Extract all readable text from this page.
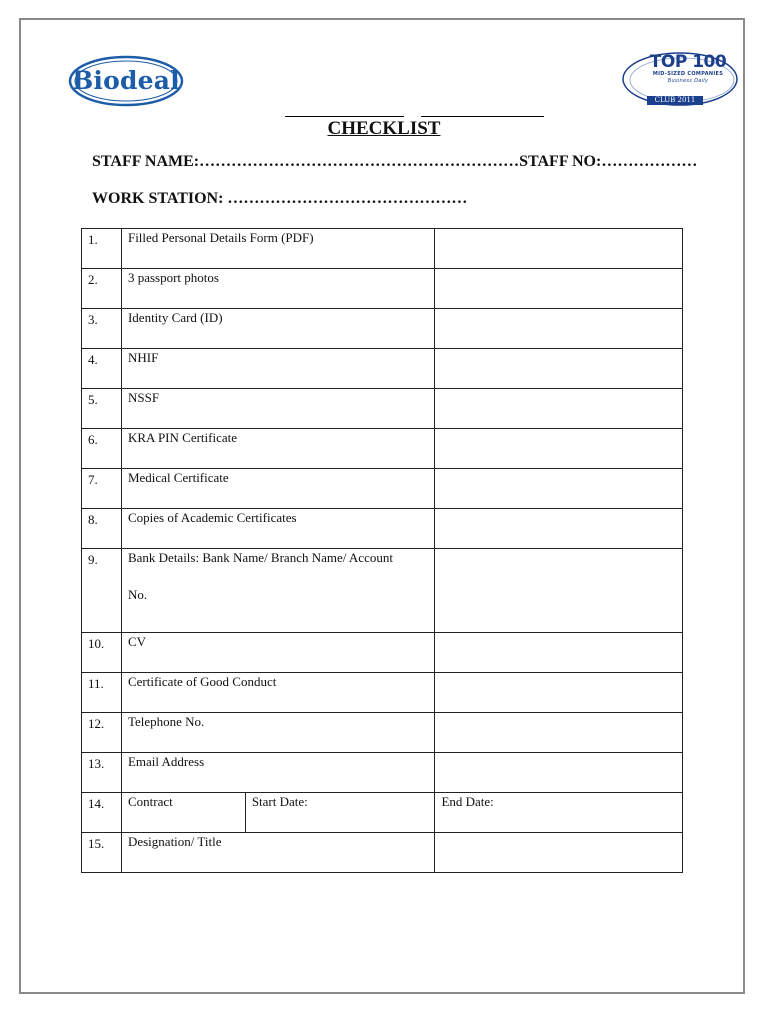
Biodeal
TOP 100
MID-SIZED COMPANIES
Business Daily
CLUB 2011
CHECKLIST
STAFF NAME:……………………………………………………STAFF NO:………………
WORK STATION: ………………………………………
1.	Filled Personal Details Form (PDF)		
2.	3 passport photos		
3.	Identity Card (ID)		
4.	NHIF		
5.	NSSF		
6.	KRA PIN Certificate		
7.	Medical Certificate		
8.	Copies of Academic Certificates		
9.	Bank Details: Bank Name/ Branch Name/ Account
No.		

10.	CV		
11.	Certificate of Good Conduct		
12.	Telephone No.		
13.	Email Address		
14.	Contract	Start Date:	End Date:
15.	Designation/ Title		
